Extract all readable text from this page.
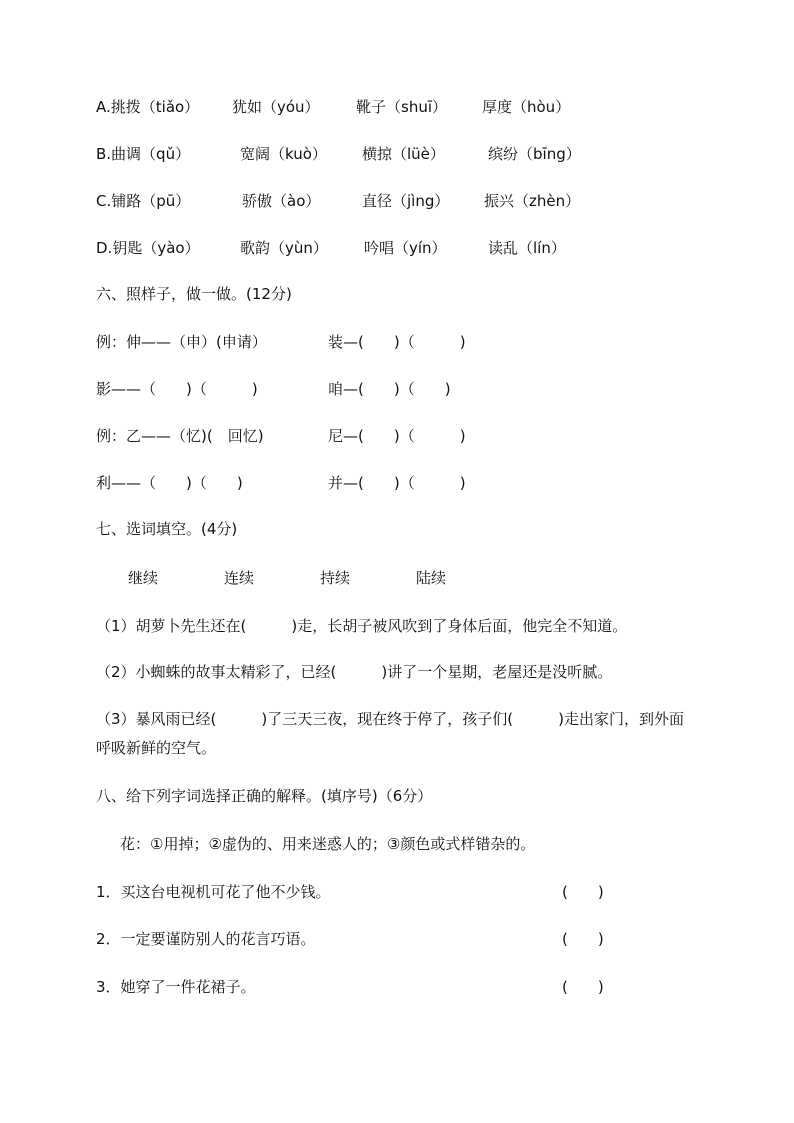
A.挑拨（tiǎo） 犹如（yóu） 靴子（shuī） 厚度（hòu）
B.曲调（qǔ）	宽阔（kuò） 横掠（lüè）	缤纷（bīng）
C.铺路（pū）	骄傲（ào）	直径（jìng） 振兴（zhèn）
D.钥匙（yào）	歌韵（yùn） 吟唱（yín）	读乱（lín）
六、照样子，做一做。(12分)
例：伸——（申）(申请）	装—(　　)（　　　)
影——（　　)（　　　)	咱—(　　)（　　)
例：乙——（忆)(　回忆)	尼—(　　)（　　　)
利——（　　)（　　)	并—(　　)（　　　)
七、选词填空。(4分)
继续	连续	持续	陆续
（1）胡萝卜先生还在(　　　)走，长胡子被风吹到了身体后面，他完全不知道。
（2）小蜘蛛的故事太精彩了，已经(　　　)讲了一个星期，老屋还是没听腻。
（3）暴风雨已经(　　　)了三天三夜，现在终于停了，孩子们(　　　)走出家门，到外面
呼吸新鲜的空气。
八、给下列字词选择正确的解释。(填序号)（6分）
花：①用掉；②虚伪的、用来迷惑人的；③颜色或式样错杂的。
1．买这台电视机可花了他不少钱。	(　　)
2．一定要谨防别人的花言巧语。	(　　)
3．她穿了一件花裙子。	(　　)
